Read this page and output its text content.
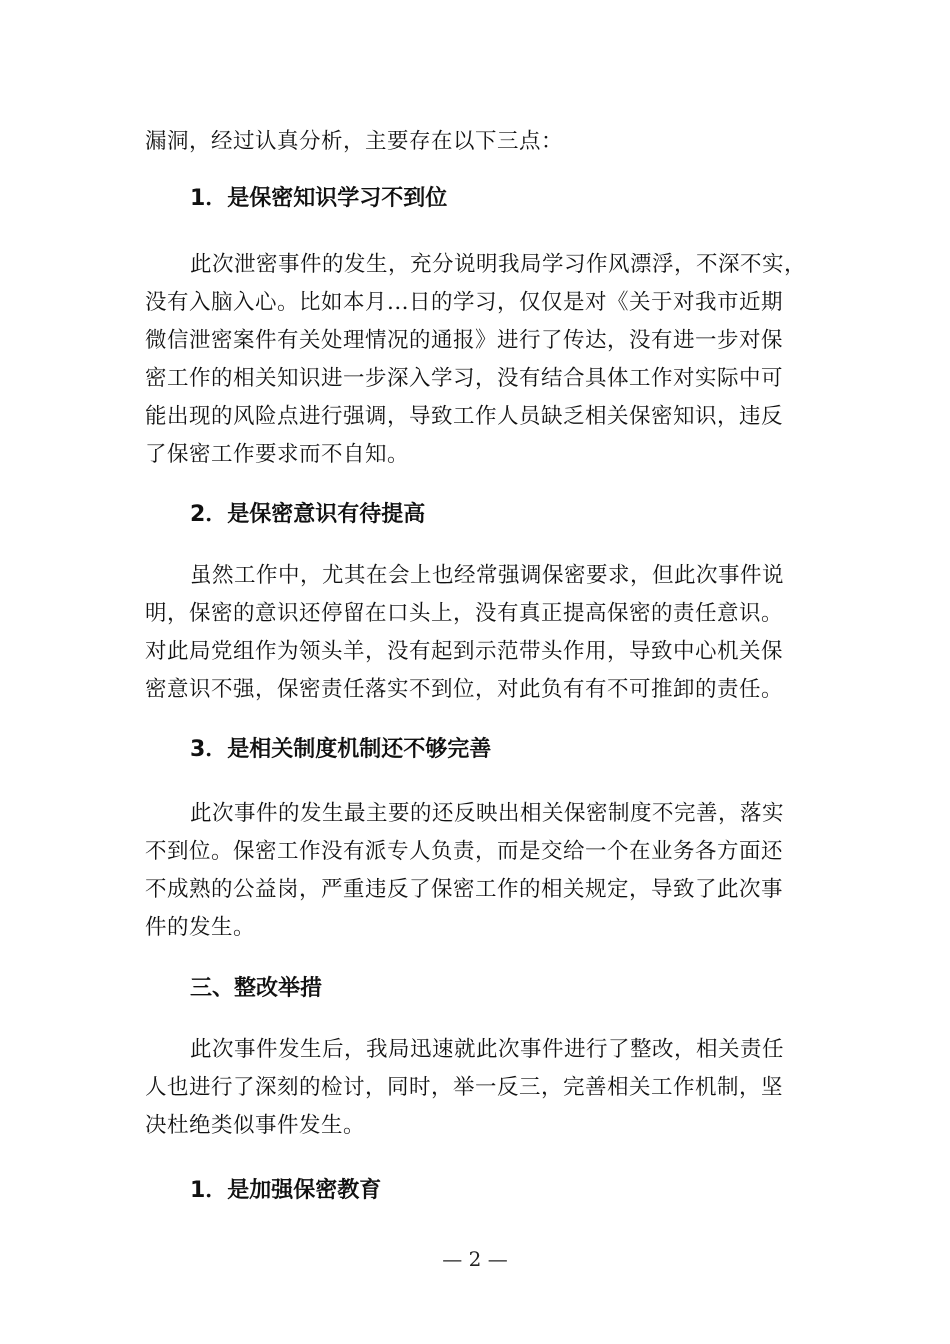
漏洞，经过认真分析，主要存在以下三点：
1．是保密知识学习不到位
此次泄密事件的发生，充分说明我局学习作风漂浮，不深不实，
没有入脑入心。比如本月...日的学习，仅仅是对《关于对我市近期
微信泄密案件有关处理情况的通报》进行了传达，没有进一步对保
密工作的相关知识进一步深入学习，没有结合具体工作对实际中可
能出现的风险点进行强调，导致工作人员缺乏相关保密知识，违反
了保密工作要求而不自知。
2．是保密意识有待提高
虽然工作中，尤其在会上也经常强调保密要求，但此次事件说
明，保密的意识还停留在口头上，没有真正提高保密的责任意识。
对此局党组作为领头羊，没有起到示范带头作用，导致中心机关保
密意识不强，保密责任落实不到位，对此负有有不可推卸的责任。
3．是相关制度机制还不够完善
此次事件的发生最主要的还反映出相关保密制度不完善，落实
不到位。保密工作没有派专人负责，而是交给一个在业务各方面还
不成熟的公益岗，严重违反了保密工作的相关规定，导致了此次事
件的发生。
三、整改举措
此次事件发生后，我局迅速就此次事件进行了整改，相关责任
人也进行了深刻的检讨，同时，举一反三，完善相关工作机制，坚
决杜绝类似事件发生。
1．是加强保密教育
— 2 —
